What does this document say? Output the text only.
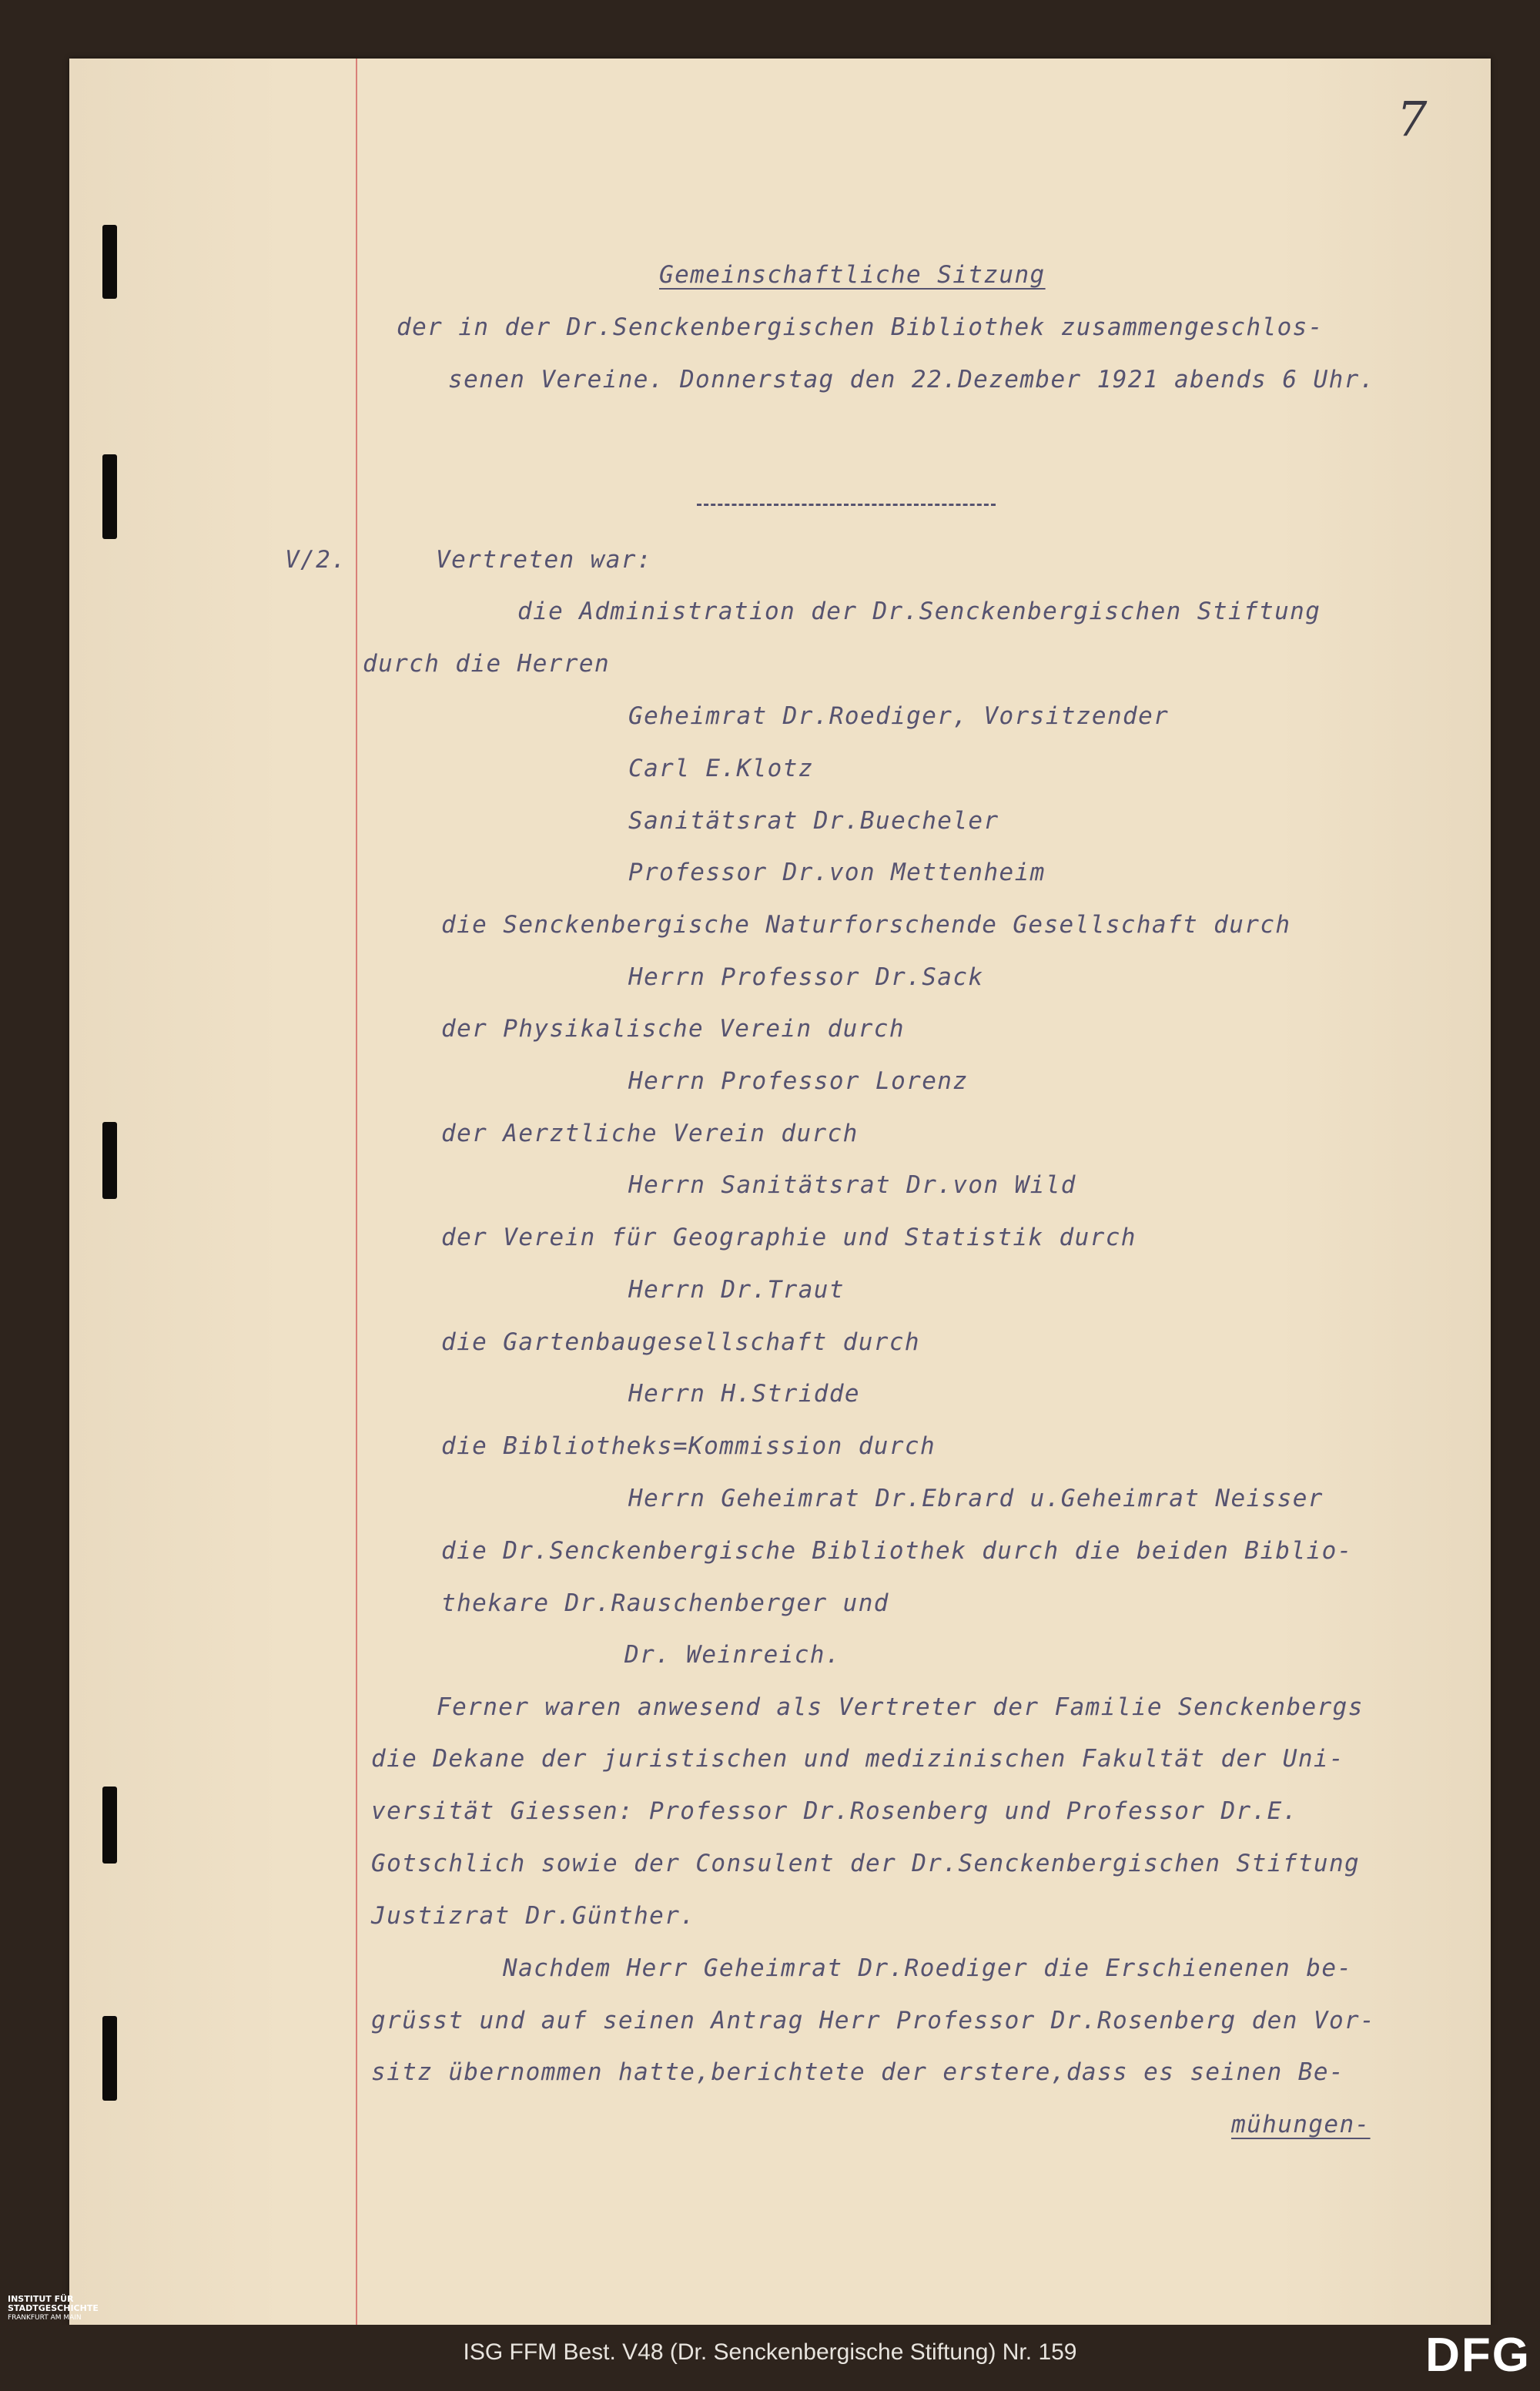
7
Gemeinschaftliche Sitzung
der in der Dr.Senckenbergischen Bibliothek zusammengeschlos-
senen Vereine. Donnerstag den 22.Dezember 1921 abends 6 Uhr.
V/2.	Vertreten war:
die Administration der Dr.Senckenbergischen Stiftung
durch die Herren
Geheimrat Dr.Roediger, Vorsitzender
Carl E.Klotz
Sanitätsrat Dr.Buecheler
Professor Dr.von Mettenheim
die Senckenbergische Naturforschende Gesellschaft durch
Herrn Professor Dr.Sack
der Physikalische Verein durch
Herrn Professor Lorenz
der Aerztliche Verein durch
Herrn Sanitätsrat Dr.von Wild
der Verein für Geographie und Statistik durch
Herrn Dr.Traut
die Gartenbaugesellschaft durch
Herrn H.Stridde
die Bibliotheks=Kommission durch
Herrn Geheimrat Dr.Ebrard u.Geheimrat Neisser
die Dr.Senckenbergische Bibliothek durch die beiden Biblio-
thekare Dr.Rauschenberger und
Dr. Weinreich.
Ferner waren anwesend als Vertreter der Familie Senckenbergs
die Dekane der juristischen und medizinischen Fakultät der Uni-
versität Giessen: Professor Dr.Rosenberg und Professor Dr.E.
Gotschlich sowie der Consulent der Dr.Senckenbergischen Stiftung
Justizrat Dr.Günther.
Nachdem Herr Geheimrat Dr.Roediger die Erschienenen be-
grüsst und auf seinen Antrag Herr Professor Dr.Rosenberg den Vor-
sitz übernommen hatte,berichtete der erstere,dass es seinen Be-
mühungen-
INSTITUT FÜR
STADTGESCHICHTE
FRANKFURT AM MAIN
ISG FFM Best. V48 (Dr. Senckenbergische Stiftung) Nr. 159	DFG
